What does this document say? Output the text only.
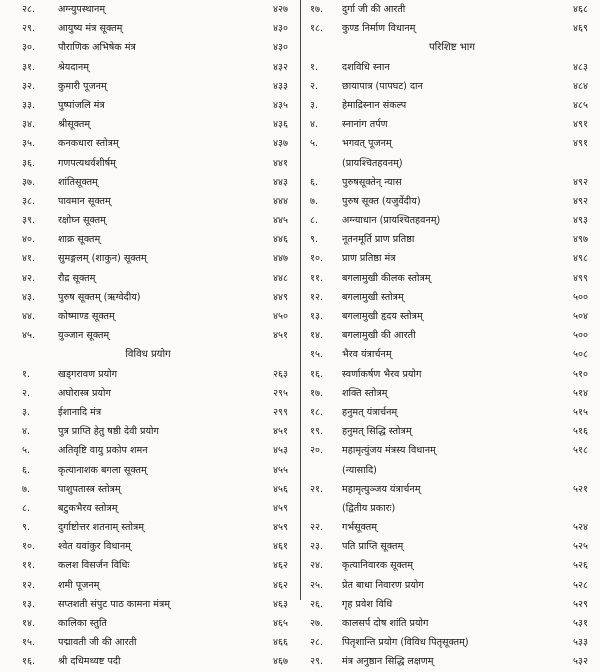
२८. अग्न्युपस्थानम्	४२७
२९. आयुष्य मंत्र सूक्तम्	४३०
३०. पौराणिक अभिषेक मंत्र	४३०
३१. श्रेयदानम्	४३२
३२. कुमारी पूजनम्	४३३
३३. पुष्पांजलि मंत्र	४३५
३४. श्रीसूक्तम्	४३६
३५. कनकधारा स्तोत्रम्	४३७
३६. गणपत्यथर्वशीर्षम्	४४१
३७. शांतिसूक्तम्	४४३
३८. पावमान सूक्तम्	४४४
३९. रक्षोघ्न सूक्तम्	४४५
४०. शाक्र सूक्तम्	४४६
४१. सुमङ्गलम् (शाकुन) सूक्तम्	४४७
४२. रौद्र सूक्तम्	४४८
४३. पुरुष सूक्तम् (ऋग्वेदीय)	४४९
४४. कोष्माण्ड सूक्तम्	४५०
४५. युञ्जान सूक्तम्	४५१
विविध प्रयोग
१.	खड्गरावण प्रयोग	२६३
२.	अघोरास्त्र प्रयोग	२९५
३.	ईशानादि मंत्र	२९९
४.	पुत्र प्राप्ति हेतु षष्ठी देवी प्रयोग	४५१
५.	अतिवृष्टि वायु प्रकोप शमन	४५३
६.	कृत्यानाशक बगला सूक्तम्	४५५
७.	पाशुपतास्त्र स्तोत्रम्	४५६
८.	बटुकभैरव स्तोत्रम्	४५९
९.	दुर्गाष्टोत्तर शतनाम् स्तोत्रम्	४५९
१०. श्वेत यवांकुर विधानम्	४६१
११. कलश विसर्जन विधिः	४६२
१२. शमी पूजनम्	४६२
१३. सप्तशती संपुट पाठ कामना मंत्रम्	४६३
१४. कालिका स्तुति	४६५
१५. पद्मावती जी की आरती	४६६
१६. श्री दधिमथ्यष्ट पदी	४६७
१७. दुर्गा जी की आरती	४६८
१८. कुण्ड निर्माण विधानम्	४६९
परिशिष्ट भाग
१. दशविधि स्नान	४८३
२. छायापात्र (पापघट) दान	४८४
३. हेमाद्रिस्नान संकल्प	४८५
४. स्नानांग तर्पण	४९१
५. भगवत् पूजनम्	४९१
(प्रायश्चितहवनम्)
६. पुरुषसूक्तेन् न्यास	४९२
७. पुरुष सूक्त (यजुर्वेदीय)	४९२
८. अग्न्याधान (प्रायश्चितहवनम्)	४९३
९. नूतनमूर्ति प्राण प्रतिष्ठा	४९७
१०. प्राण प्रतिष्ठा मंत्र	४९८
११. बगलामुखी कीलक स्तोत्रम्	४९९
१२. बगलामुखी स्तोत्रम्	५००
१३. बगलामुखी हृदय स्तोत्रम्	५०४
१४. बगलामुखी की आरती	५००
१५. भैरव यंत्रार्चनम्	५०८
१६. स्वर्णाकर्षण भैरव प्रयोग	५१०
१७. शक्ति स्तोत्रम्	५१४
१८. हनुमत् यंत्रार्चनम्	५१५
१९. हनुमत् सिद्धि स्तोत्रम्	५१६
२०. महामृत्युंजय मंत्रस्य विधानम्	५१८
(न्यासादि)
२१. महामृत्युञ्जय यंत्रार्चनम्	५२१
(द्वितीय प्रकारः)
२२. गर्भसूक्तम्	५२४
२३. पति प्राप्ति सूक्तम्	५२५
२४. कृत्यानिवारक सूक्तम्	५२६
२५. प्रेत बाधा निवारण प्रयोग	५२८
२६. गृह प्रवेश विधि	५२९
२७. कालसर्प दोष शांति प्रयोग	५३१
२८. पितृशान्ति प्रयोग (विविध पितृसूक्तम्)	५३३
२९. मंत्र अनुष्ठान सिद्धि लक्षणम्	५३२
